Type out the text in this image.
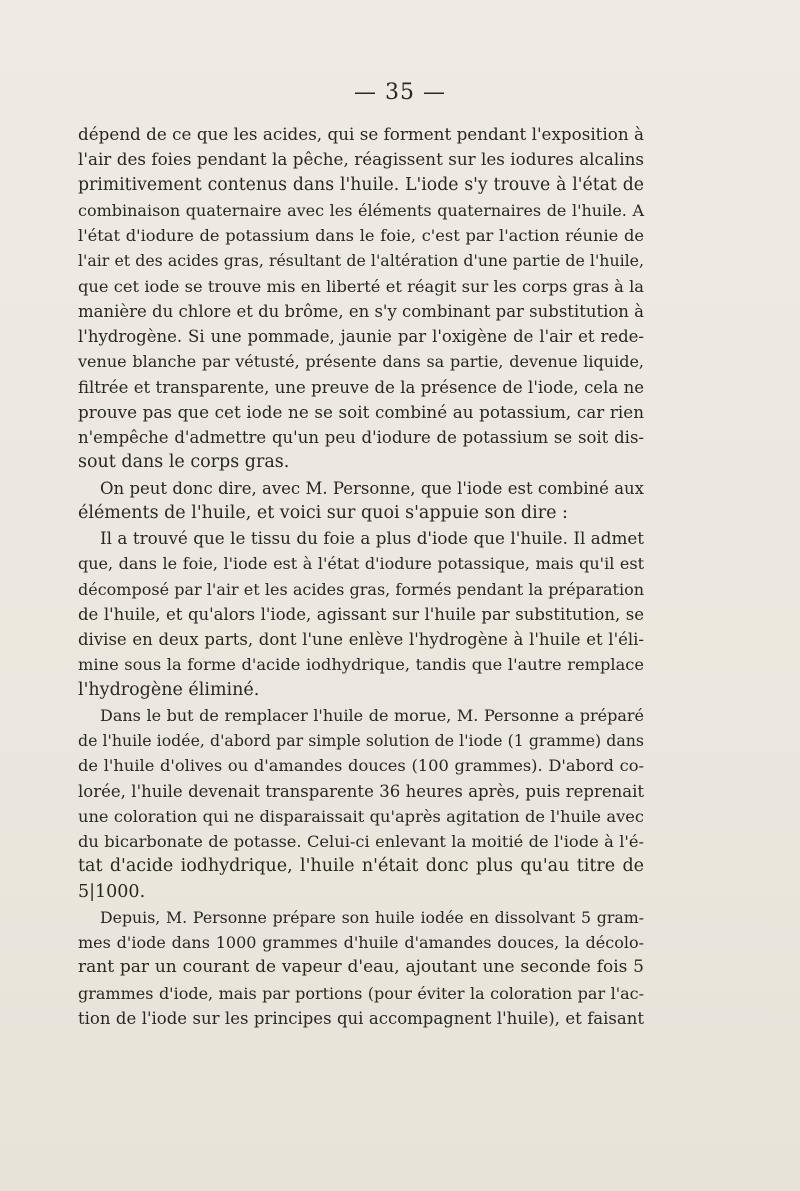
— 35 —
dépend de ce que les acides, qui se forment pendant l'exposition à
l'air des foies pendant la pêche, réagissent sur les iodures alcalins
primitivement contenus dans l'huile. L'iode s'y trouve à l'état de
combinaison quaternaire avec les éléments quaternaires de l'huile. A
l'état d'iodure de potassium dans le foie, c'est par l'action réunie de
l'air et des acides gras, résultant de l'altération d'une partie de l'huile,
que cet iode se trouve mis en liberté et réagit sur les corps gras à la
manière du chlore et du brôme, en s'y combinant par substitution à
l'hydrogène. Si une pommade, jaunie par l'oxigène de l'air et rede-
venue blanche par vétusté, présente dans sa partie, devenue liquide,
filtrée et transparente, une preuve de la présence de l'iode, cela ne
prouve pas que cet iode ne se soit combiné au potassium, car rien
n'empêche d'admettre qu'un peu d'iodure de potassium se soit dis-
sout dans le corps gras.
On peut donc dire, avec M. Personne, que l'iode est combiné aux
éléments de l'huile, et voici sur quoi s'appuie son dire :
Il a trouvé que le tissu du foie a plus d'iode que l'huile. Il admet
que, dans le foie, l'iode est à l'état d'iodure potassique, mais qu'il est
décomposé par l'air et les acides gras, formés pendant la préparation
de l'huile, et qu'alors l'iode, agissant sur l'huile par substitution, se
divise en deux parts, dont l'une enlève l'hydrogène à l'huile et l'éli-
mine sous la forme d'acide iodhydrique, tandis que l'autre remplace
l'hydrogène éliminé.
Dans le but de remplacer l'huile de morue, M. Personne a préparé
de l'huile iodée, d'abord par simple solution de l'iode (1 gramme) dans
de l'huile d'olives ou d'amandes douces (100 grammes). D'abord co-
lorée, l'huile devenait transparente 36 heures après, puis reprenait
une coloration qui ne disparaissait qu'après agitation de l'huile avec
du bicarbonate de potasse. Celui-ci enlevant la moitié de l'iode à l'é-
tat d'acide iodhydrique, l'huile n'était donc plus qu'au titre de
5|1000.
Depuis, M. Personne prépare son huile iodée en dissolvant 5 gram-
mes d'iode dans 1000 grammes d'huile d'amandes douces, la décolo-
rant par un courant de vapeur d'eau, ajoutant une seconde fois 5
grammes d'iode, mais par portions (pour éviter la coloration par l'ac-
tion de l'iode sur les principes qui accompagnent l'huile), et faisant
